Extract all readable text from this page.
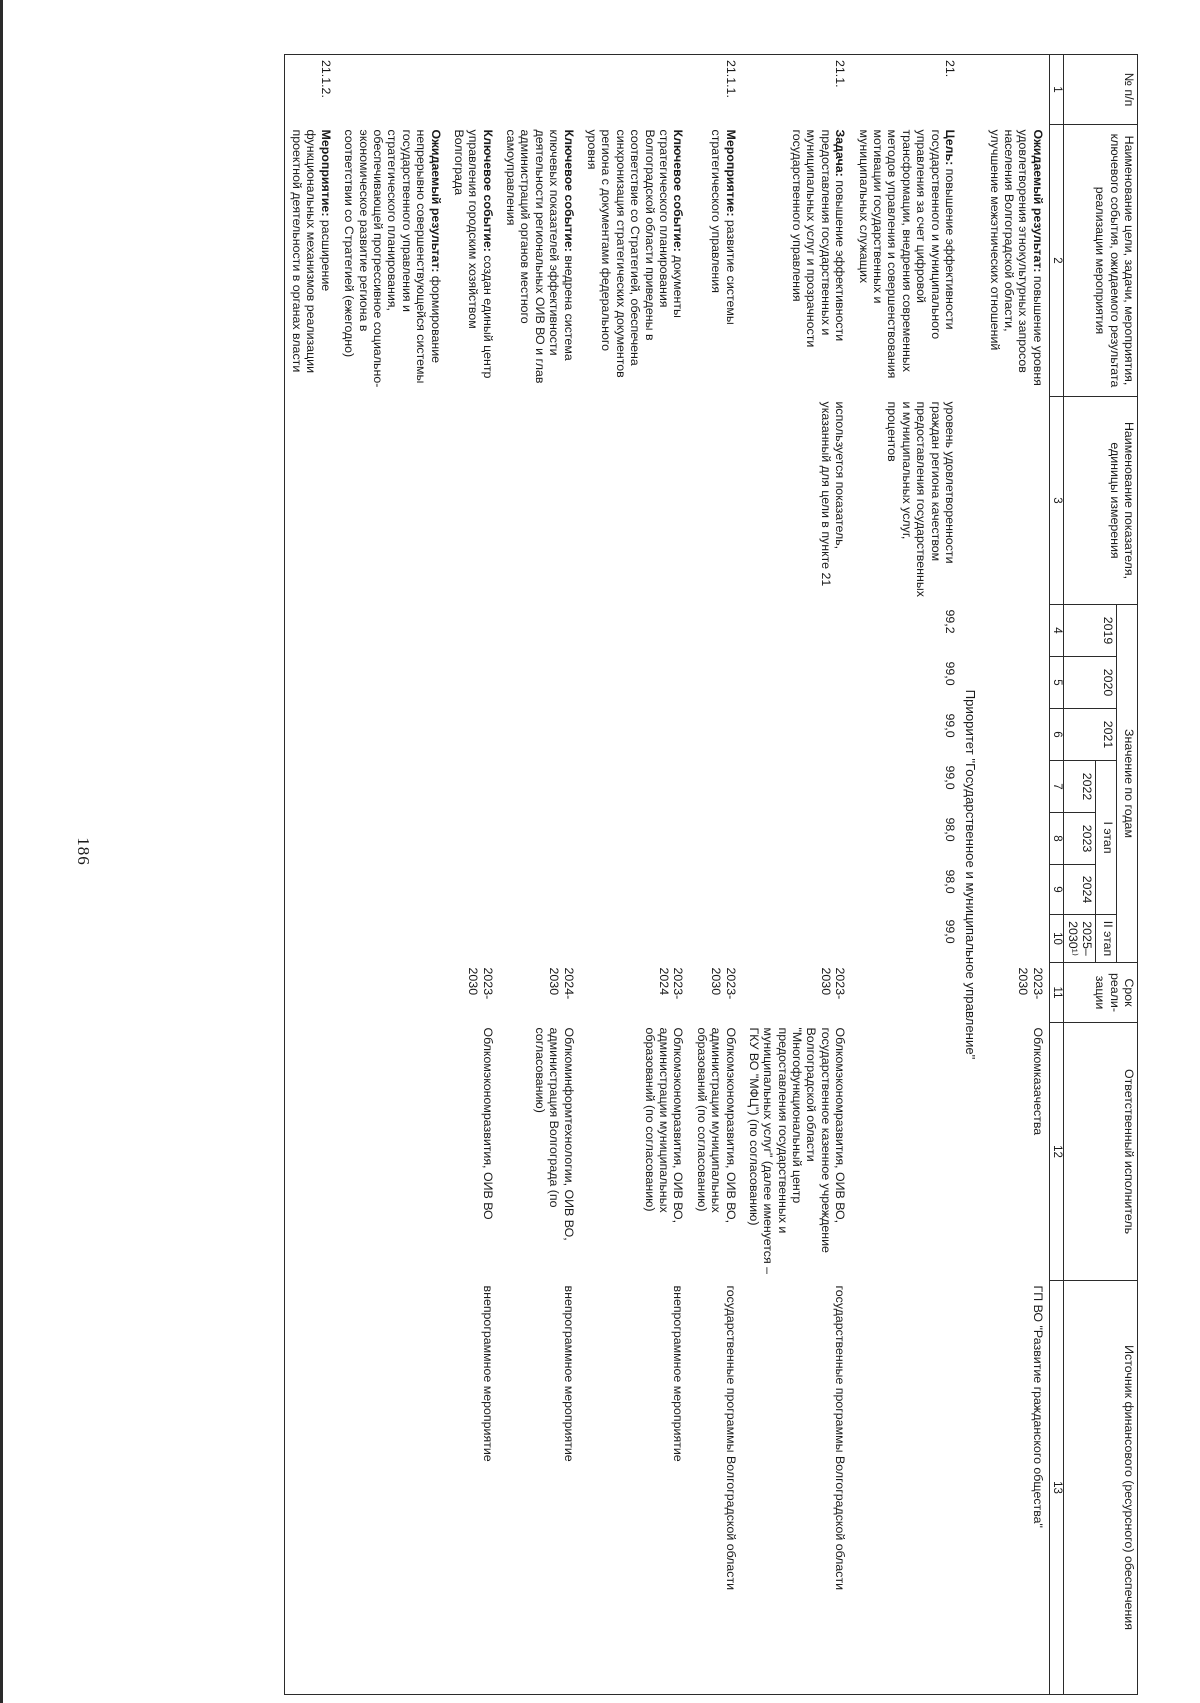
186
№ п/п	Наименование цели, задачи, мероприятия, ключевого события, ожидаемого результата реализации мероприятия	Наименование показателя, единицы измерения	Значение по годам							Срок реали-зации	Ответственный исполнитель	Источник финансового (ресурсного) обеспечения
			2019	2020	2021	I этап			II этап			
						2022	2023	2024	2025–2030¹⁾			
1	2	3	4	5	6	7	8	9	10	11	12	13
	Ожидаемый результат: повышение уровня удовлетворения этнокультурных запросов населения Волгоградской области, улучшение межэтнических отношений									2023-2030	Облкомказачества	ГП ВО "Развитие гражданского общества"
Приоритет "Государственное и муниципальное управление"												
21.	Цель: повышение эффективности государственного и муниципального управления за счет цифровой трансформации, внедрения современных методов управления и совершенствования мотивации государственных и муниципальных служащих	уровень удовлетворенности граждан региона качеством предоставления государственных и муниципальных услуг, процентов	99,2	99,0	99,0	99,0	98,0	98,0	99,0			
21.1.	Задача: повышение эффективности предоставления государственных и муниципальных услуг и прозрачности государственного управления	используется показатель, указанный для цели в пункте 21								2023-2030	Облкомэкономразвития, ОИВ ВО, государственное казенное учреждение Волгоградской области "Многофункциональный центр предоставления государственных и муниципальных услуг" (далее именуется – ГКУ ВО "МФЦ") (по согласованию)	государственные программы Волгоградской области
21.1.1.	Мероприятие: развитие системы стратегического управления									2023-2030	Облкомэкономразвития, ОИВ ВО, администрации муниципальных образований (по согласованию)	государственные программы Волгоградской области
	Ключевое событие: документы стратегического планирования Волгоградской области приведены в соответствие со Стратегией, обеспечена синхронизация стратегических документов региона с документами федерального уровня									2023-2024	Облкомэкономразвития, ОИВ ВО, администрации муниципальных образований (по согласованию)	внепрограммное мероприятие
	Ключевое событие: внедрена система ключевых показателей эффективности деятельности региональных ОИВ ВО и глав администраций органов местного самоуправления									2024-2030	Облкоминформтехнологии, ОИВ ВО, администрация Волгограда (по согласованию)	внепрограммное мероприятие
	Ключевое событие: создан единый центр управления городским хозяйством Волгограда									2023-2030	Облкомэкономразвития, ОИВ ВО	внепрограммное мероприятие
	Ожидаемый результат: формирование непрерывно совершенствующейся системы государственного управления и стратегического планирования, обеспечивающей прогрессивное социально-экономическое развитие региона в соответствии со Стратегией (ежегодно)											
21.1.2.	Мероприятие: расширение функциональных механизмов реализации проектной деятельности в органах власти											
